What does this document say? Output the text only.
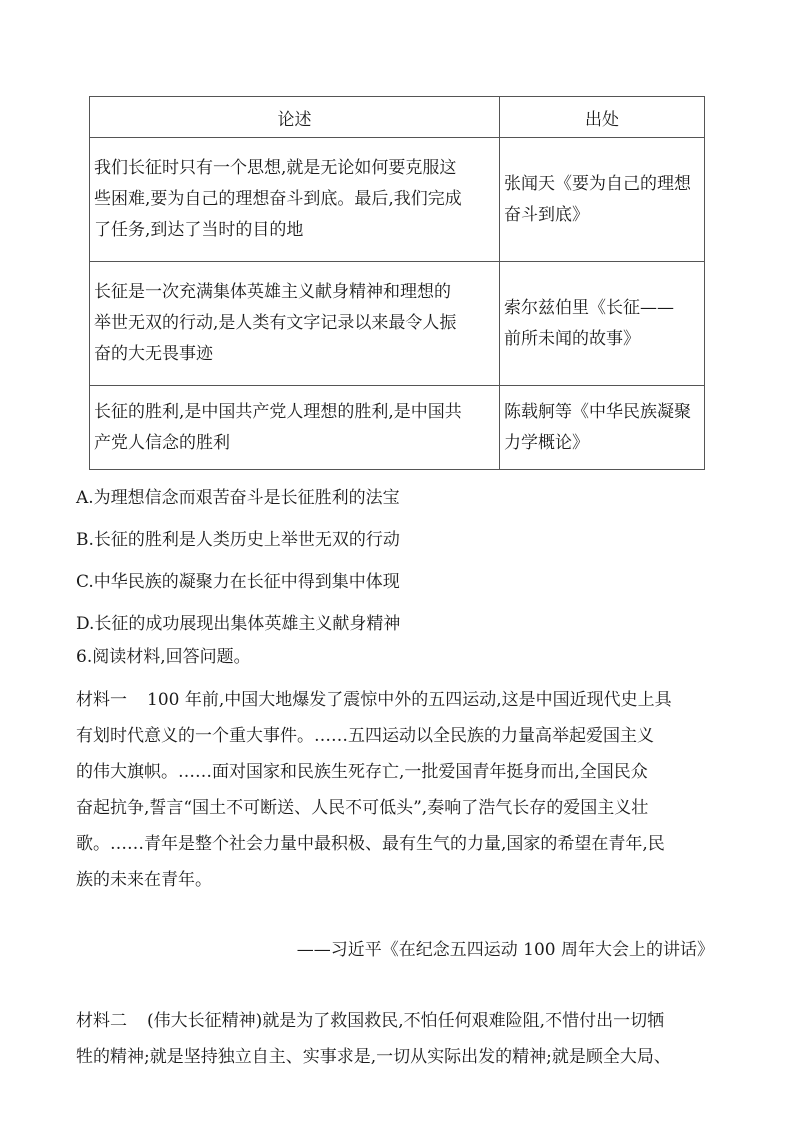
论述	出处

我们长征时只有一个思想,就是无论如何要克服这
些困难,要为自己的理想奋斗到底。最后,我们完成
了任务,到达了当时的目的地	张闻天《要为自己的理想
奋斗到底》

长征是一次充满集体英雄主义献身精神和理想的
举世无双的行动,是人类有文字记录以来最令人振
奋的大无畏事迹	索尔兹伯里《长征——
前所未闻的故事》

长征的胜利,是中国共产党人理想的胜利,是中国共
产党人信念的胜利	陈载舸等《中华民族凝聚
力学概论》
A.为理想信念而艰苦奋斗是长征胜利的法宝
B.长征的胜利是人类历史上举世无双的行动
C.中华民族的凝聚力在长征中得到集中体现
D.长征的成功展现出集体英雄主义献身精神
6.阅读材料,回答问题。
材料一 100 年前,中国大地爆发了震惊中外的五四运动,这是中国近现代史上具
有划时代意义的一个重大事件。……五四运动以全民族的力量高举起爱国主义
的伟大旗帜。……面对国家和民族生死存亡,一批爱国青年挺身而出,全国民众
奋起抗争,誓言“国土不可断送、人民不可低头”,奏响了浩气长存的爱国主义壮
歌。……青年是整个社会力量中最积极、最有生气的力量,国家的希望在青年,民
族的未来在青年。
——习近平《在纪念五四运动 100 周年大会上的讲话》
材料二 (伟大长征精神)就是为了救国救民,不怕任何艰难险阻,不惜付出一切牺
牲的精神;就是坚持独立自主、实事求是,一切从实际出发的精神;就是顾全大局、
